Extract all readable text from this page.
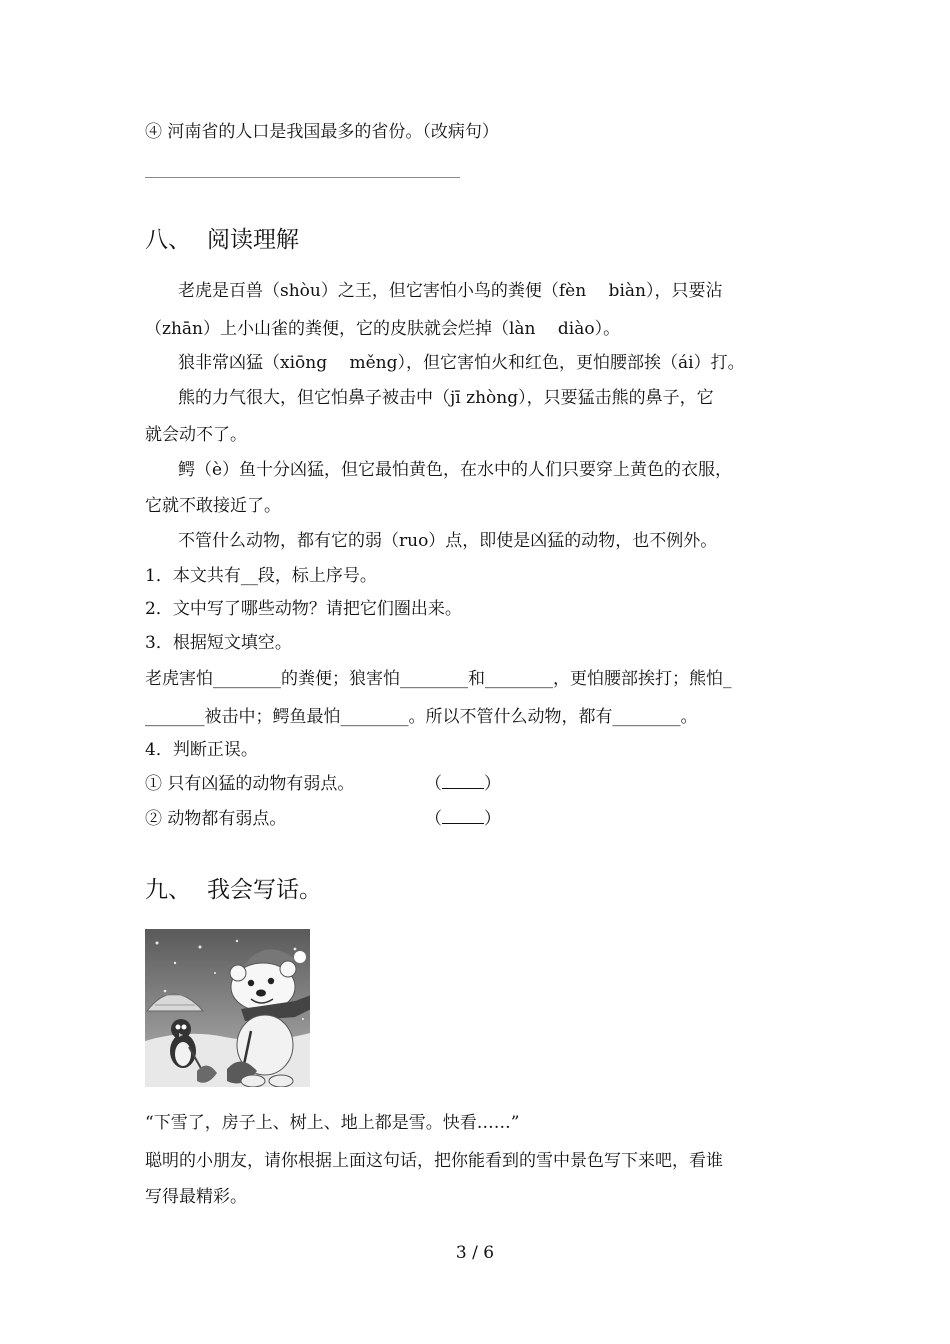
④ 河南省的人口是我国最多的省份。（改病句）
八、 阅读理解
老虎是百兽（shòu）之王，但它害怕小鸟的粪便（fèn　 biàn），只要沾
（zhān）上小山雀的粪便，它的皮肤就会烂掉（làn　 diào）。
狼非常凶猛（xiōng　 měng），但它害怕火和红色，更怕腰部挨（ái）打。
熊的力气很大，但它怕鼻子被击中（jī zhòng），只要猛击熊的鼻子，它
就会动不了。
鳄（è）鱼十分凶猛，但它最怕黄色，在水中的人们只要穿上黄色的衣服，
它就不敢接近了。
不管什么动物，都有它的弱（ruo）点，即使是凶猛的动物，也不例外。
1．本文共有__段，标上序号。
2．文中写了哪些动物？请把它们圈出来。
3．根据短文填空。
老虎害怕________的粪便；狼害怕________和________，更怕腰部挨打；熊怕_
_______被击中；鳄鱼最怕________。所以不管什么动物，都有________。
4．判断正误。
① 只有凶猛的动物有弱点。	（ ）
② 动物都有弱点。	（ ）
九、 我会写话。
“下雪了，房子上、树上、地上都是雪。快看……”
聪明的小朋友，请你根据上面这句话，把你能看到的雪中景色写下来吧，看谁
写得最精彩。
3 / 6
